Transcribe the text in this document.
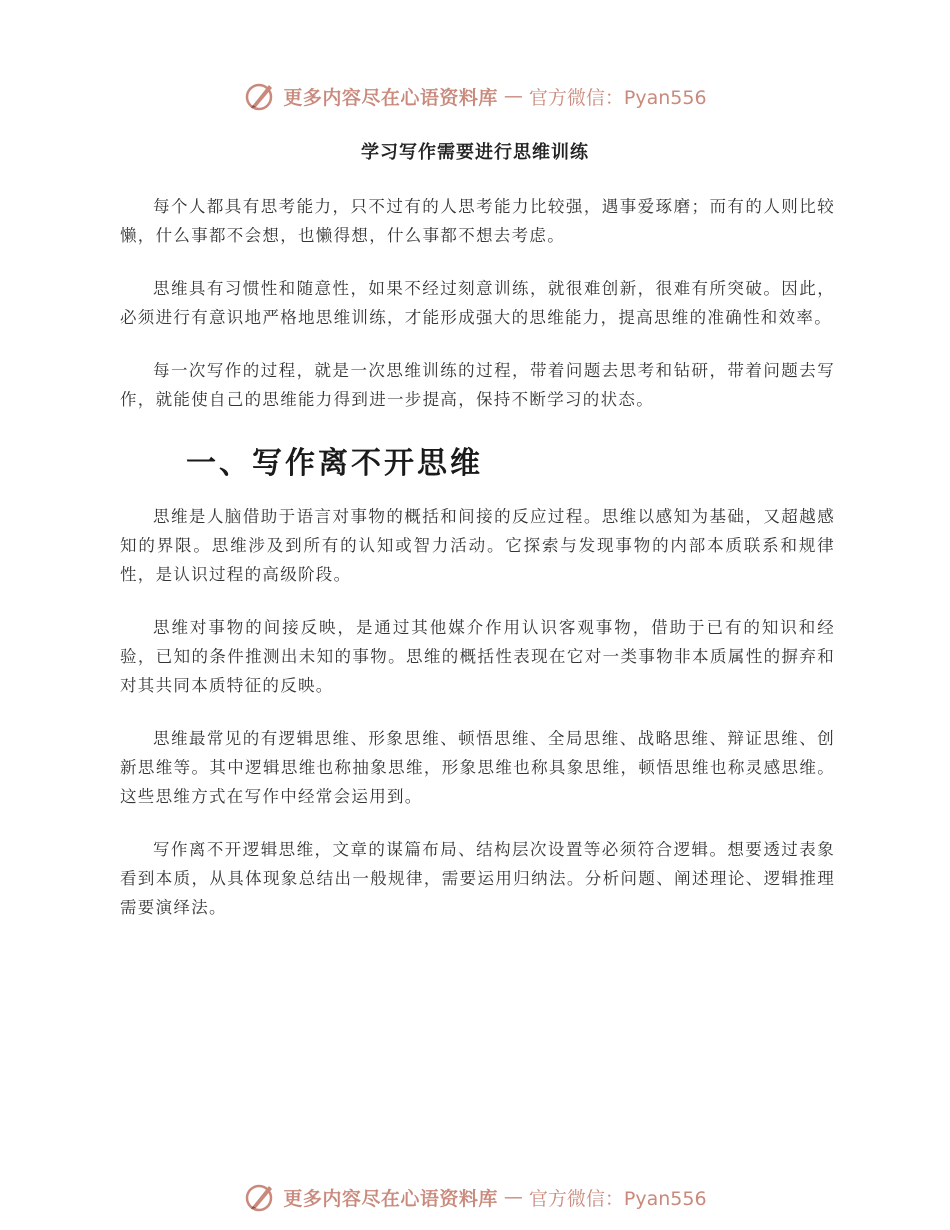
更多内容尽在心语资料库 — 官方微信：Pyan556
学习写作需要进行思维训练

每个人都具有思考能力，只不过有的人思考能力比较强，遇事爱琢磨；而有的人则比较懒，什么事都不会想，也懒得想，什么事都不想去考虑。

思维具有习惯性和随意性，如果不经过刻意训练，就很难创新，很难有所突破。因此，必须进行有意识地严格地思维训练，才能形成强大的思维能力，提高思维的准确性和效率。

每一次写作的过程，就是一次思维训练的过程，带着问题去思考和钻研，带着问题去写作，就能使自己的思维能力得到进一步提高，保持不断学习的状态。

一、写作离不开思维

思维是人脑借助于语言对事物的概括和间接的反应过程。思维以感知为基础，又超越感知的界限。思维涉及到所有的认知或智力活动。它探索与发现事物的内部本质联系和规律性，是认识过程的高级阶段。

思维对事物的间接反映，是通过其他媒介作用认识客观事物，借助于已有的知识和经验，已知的条件推测出未知的事物。思维的概括性表现在它对一类事物非本质属性的摒弃和对其共同本质特征的反映。

思维最常见的有逻辑思维、形象思维、顿悟思维、全局思维、战略思维、辩证思维、创新思维等。其中逻辑思维也称抽象思维，形象思维也称具象思维，顿悟思维也称灵感思维。这些思维方式在写作中经常会运用到。

写作离不开逻辑思维，文章的谋篇布局、结构层次设置等必须符合逻辑。想要透过表象看到本质，从具体现象总结出一般规律，需要运用归纳法。分析问题、阐述理论、逻辑推理需要演绎法。

更多内容尽在心语资料库 — 官方微信：Pyan556
